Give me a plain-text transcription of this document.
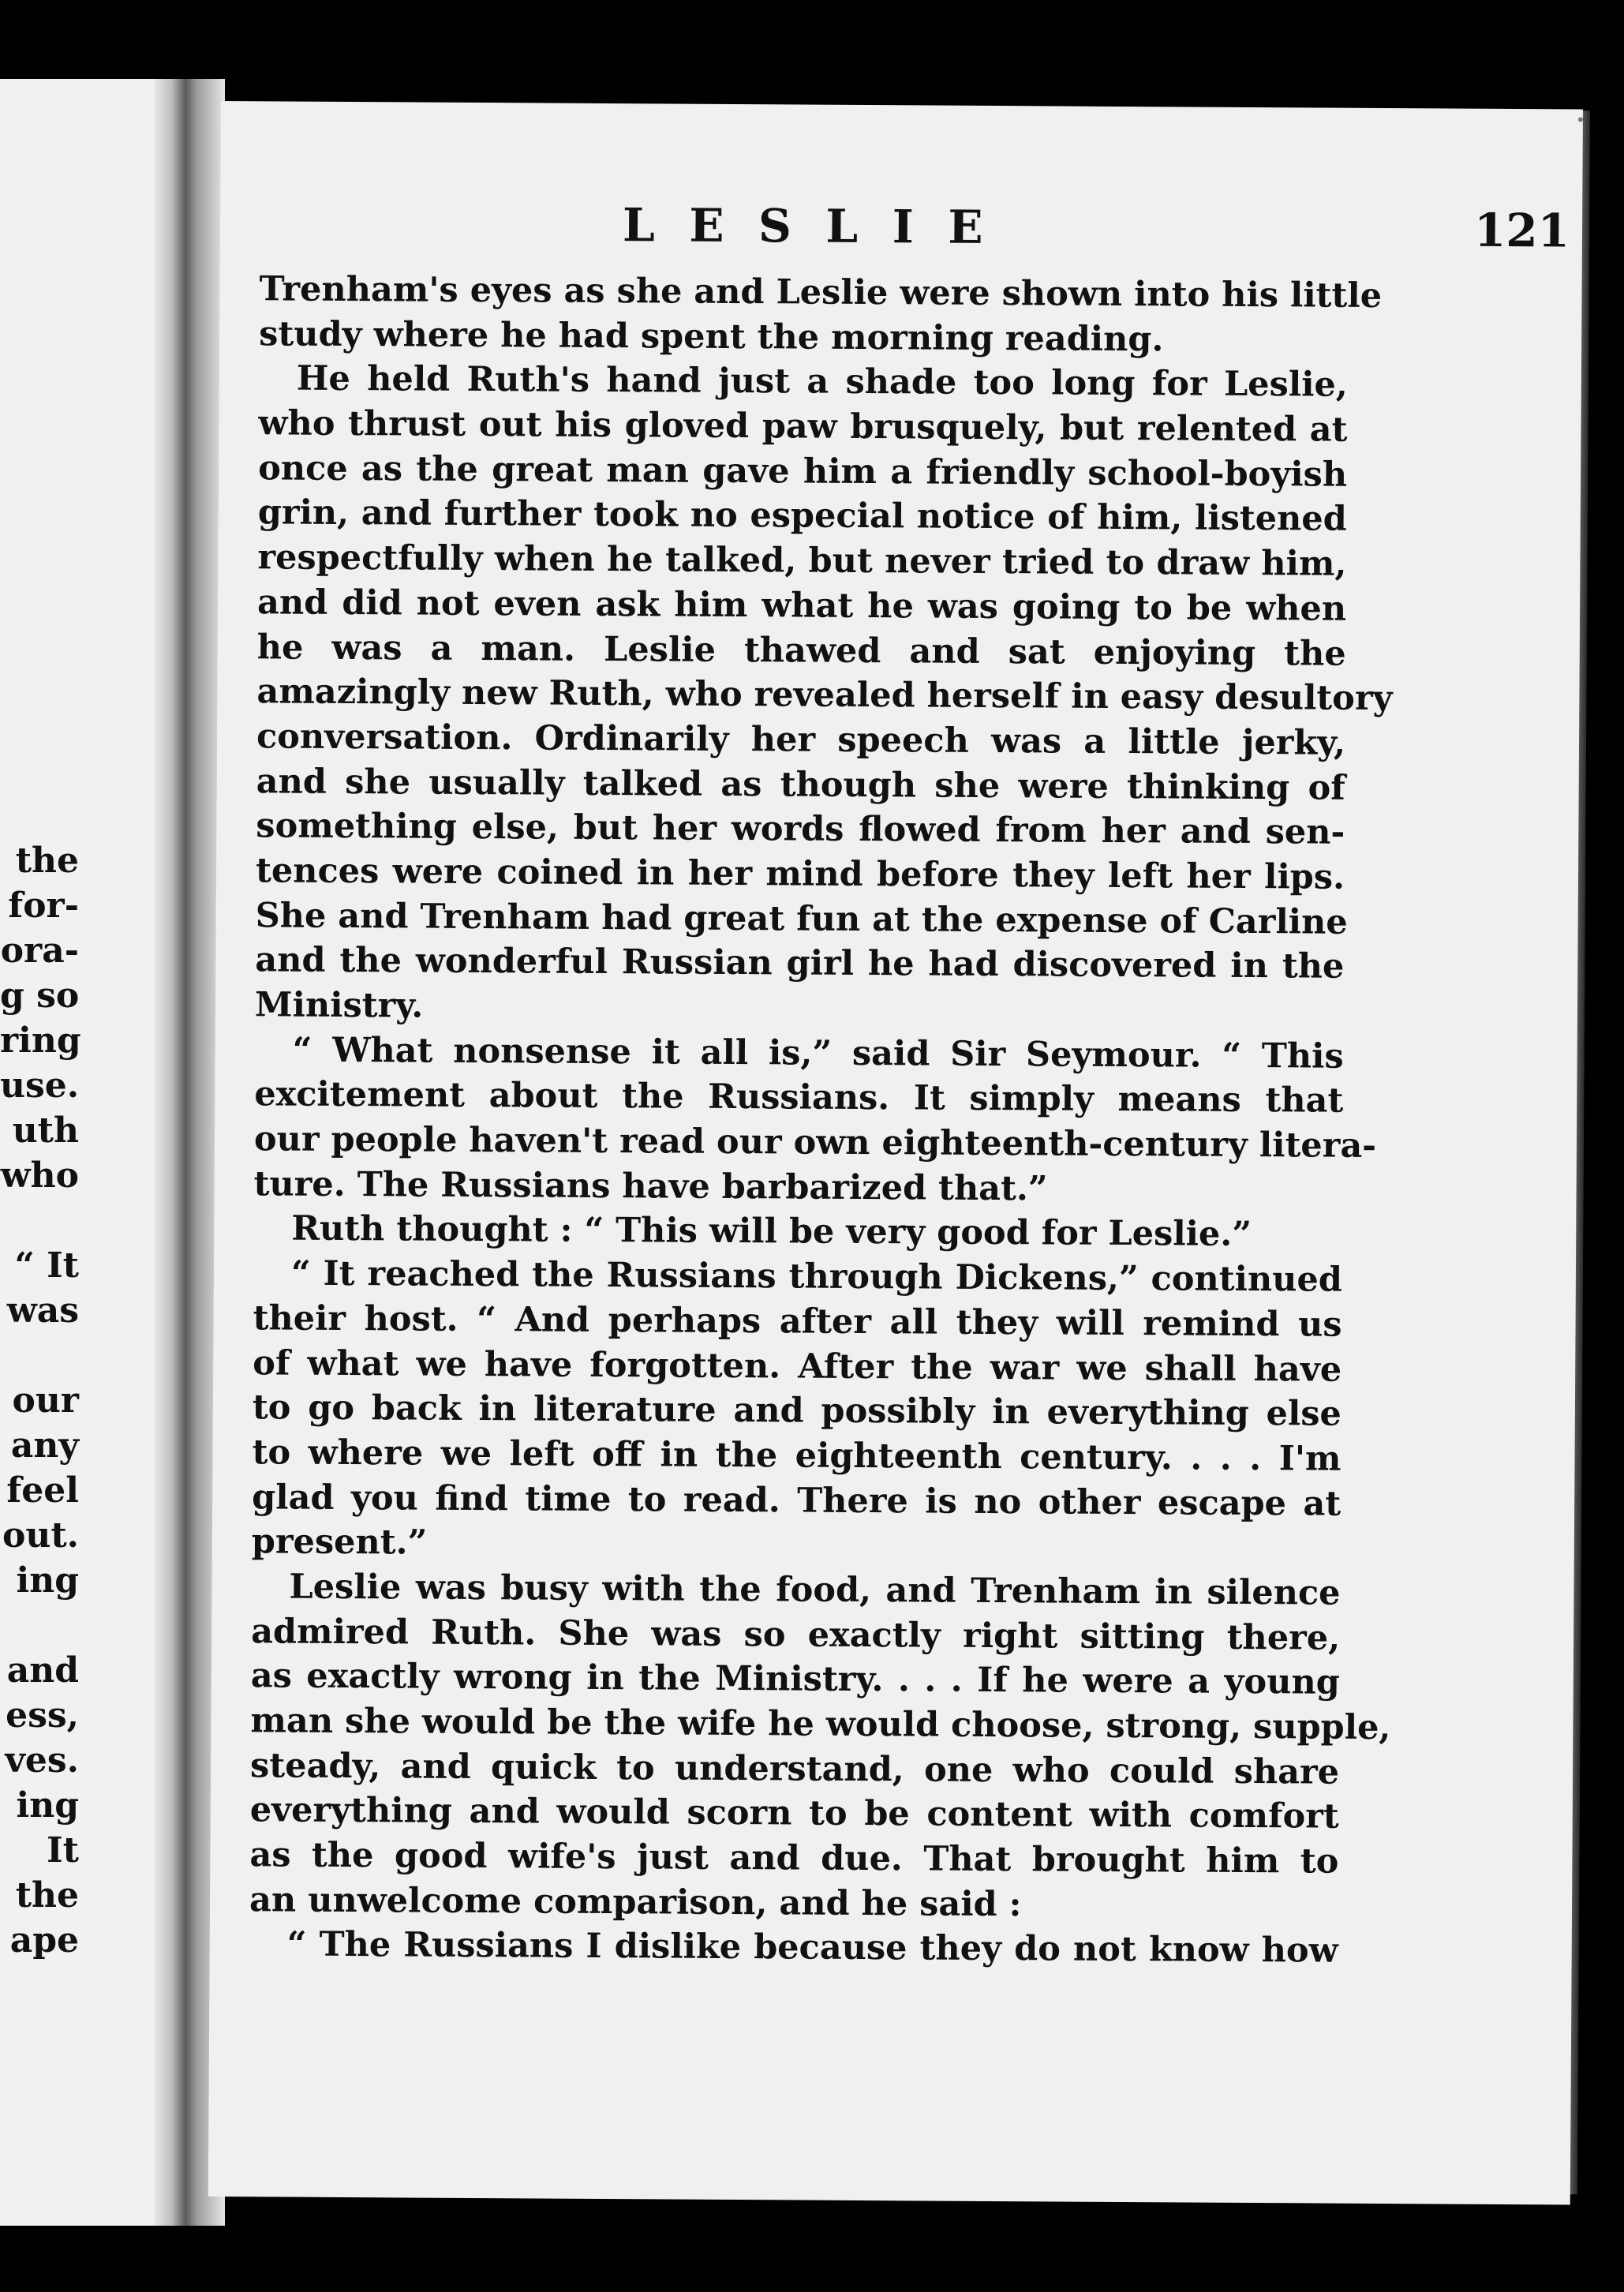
the
for-
ora-
g so
ring
use.
uth
who
“ It
was
our
any
feel
out.
ing
and
ess,
ves.
ing
It
the
ape
LESLIE	121
Trenham's eyes as she and Leslie were shown into his little
study where he had spent the morning reading.
He held Ruth's hand just a shade too long for Leslie,
who thrust out his gloved paw brusquely, but relented at
once as the great man gave him a friendly school-boyish
grin, and further took no especial notice of him, listened
respectfully when he talked, but never tried to draw him,
and did not even ask him what he was going to be when
he was a man. Leslie thawed and sat enjoying the
amazingly new Ruth, who revealed herself in easy desultory
conversation. Ordinarily her speech was a little jerky,
and she usually talked as though she were thinking of
something else, but her words flowed from her and sen-
tences were coined in her mind before they left her lips.
She and Trenham had great fun at the expense of Carline
and the wonderful Russian girl he had discovered in the
Ministry.
“ What nonsense it all is,” said Sir Seymour. “ This
excitement about the Russians. It simply means that
our people haven't read our own eighteenth-century litera-
ture. The Russians have barbarized that.”
Ruth thought : “ This will be very good for Leslie.”
“ It reached the Russians through Dickens,” continued
their host. “ And perhaps after all they will remind us
of what we have forgotten. After the war we shall have
to go back in literature and possibly in everything else
to where we left off in the eighteenth century. . . . I'm
glad you find time to read. There is no other escape at
present.”
Leslie was busy with the food, and Trenham in silence
admired Ruth. She was so exactly right sitting there,
as exactly wrong in the Ministry. . . . If he were a young
man she would be the wife he would choose, strong, supple,
steady, and quick to understand, one who could share
everything and would scorn to be content with comfort
as the good wife's just and due. That brought him to
an unwelcome comparison, and he said :
“ The Russians I dislike because they do not know how
